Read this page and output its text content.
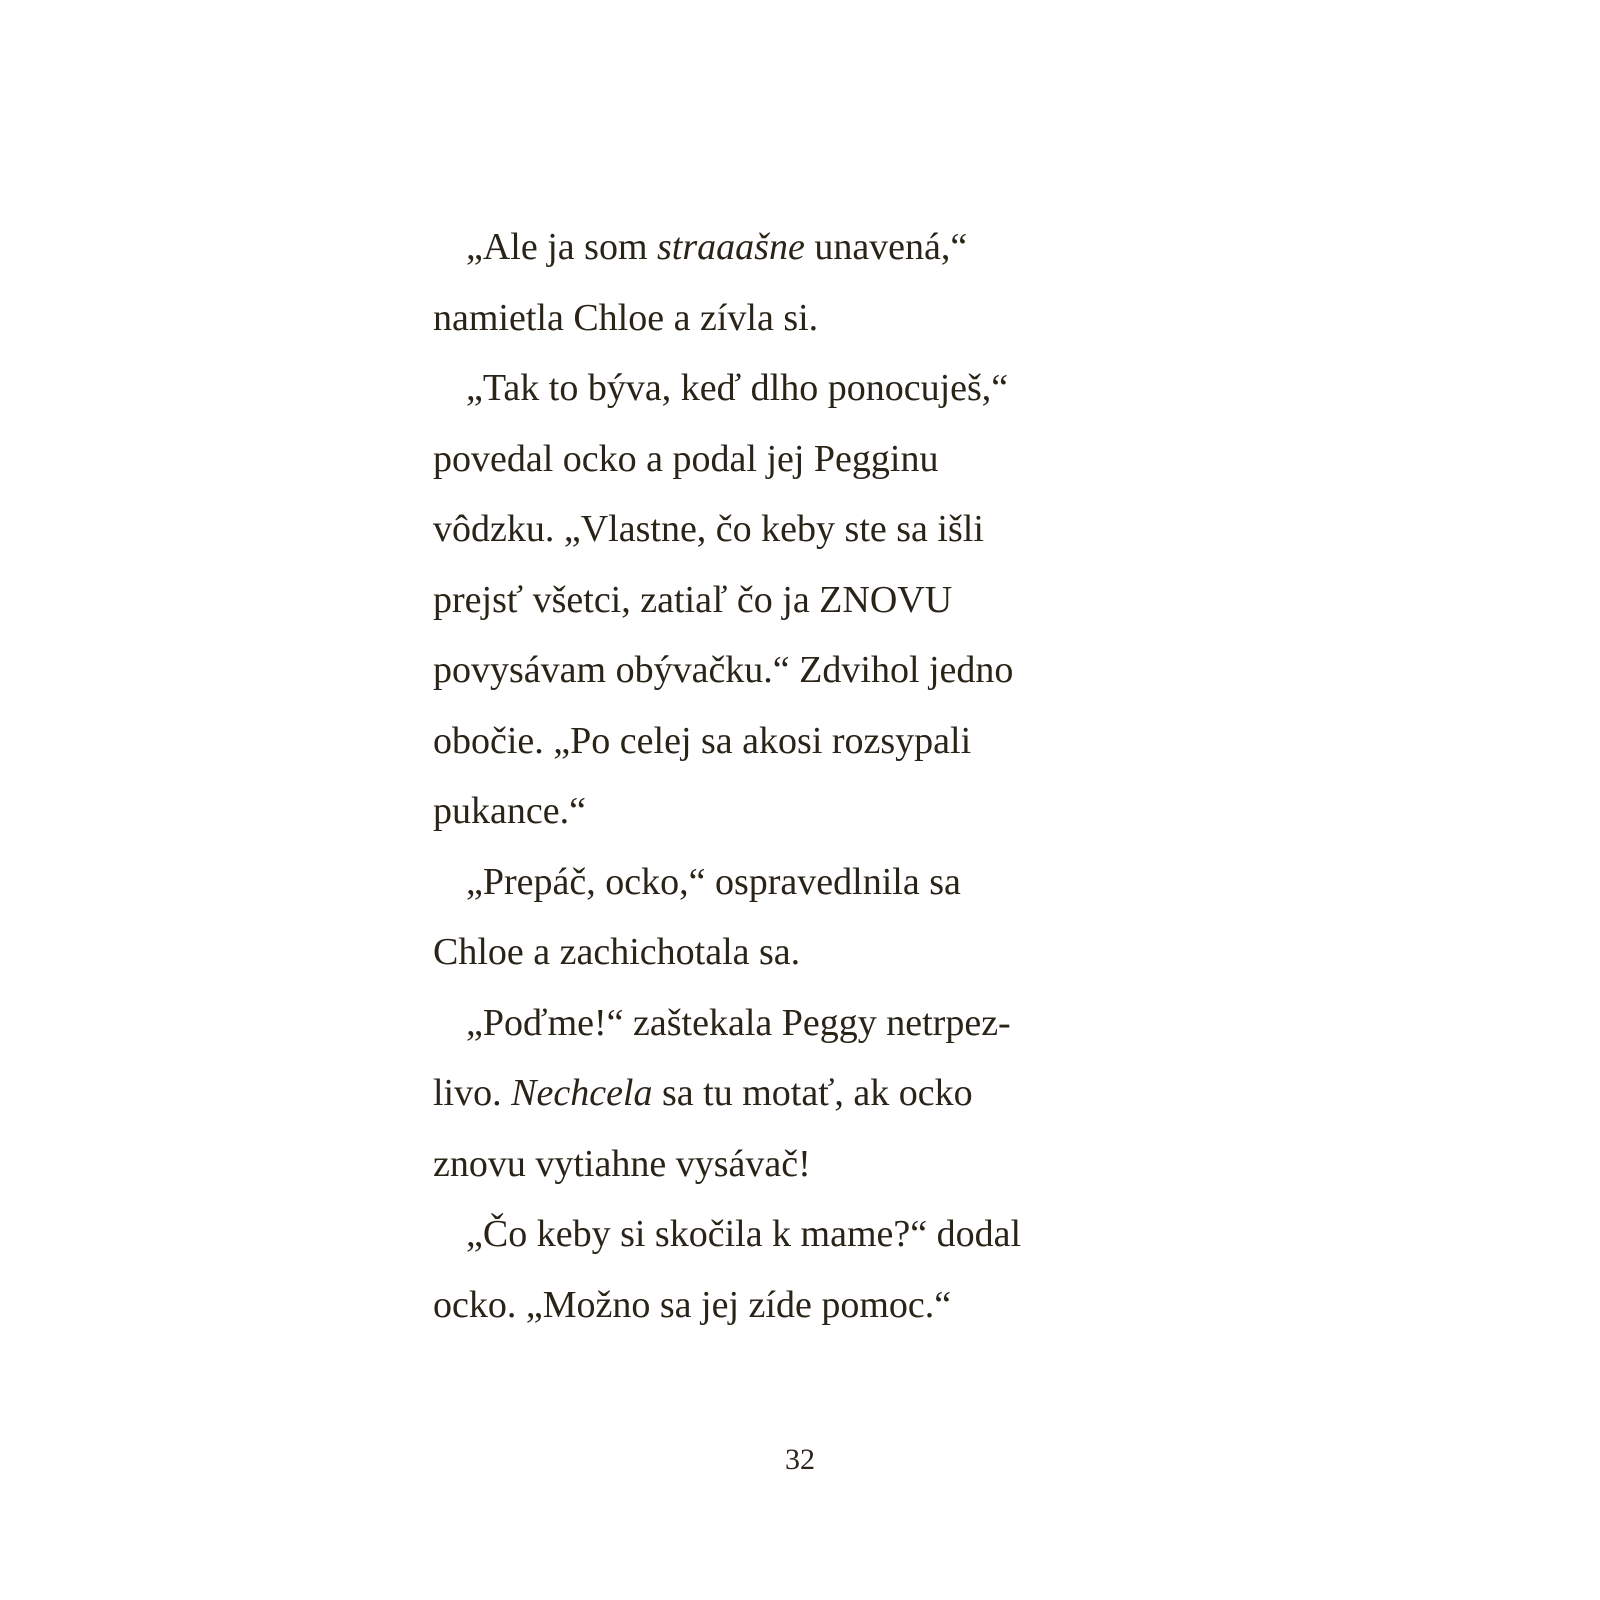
„Ale ja som straaašne unavená,“

namietla Chloe a zívla si.

„Tak to býva, keď dlho ponocuješ,“

povedal ocko a podal jej Pegginu

vôdzku. „Vlastne, čo keby ste sa išli

prejsť všetci, zatiaľ čo ja ZNOVU

povysávam obývačku.“ Zdvihol jedno

obočie. „Po celej sa akosi rozsypali

pukance.“

„Prepáč, ocko,“ ospravedlnila sa

Chloe a zachichotala sa.

„Poďme!“ zaštekala Peggy netrpez-

livo. Nechcela sa tu motať, ak ocko

znovu vytiahne vysávač!

„Čo keby si skočila k mame?“ dodal

ocko. „Možno sa jej zíde pomoc.“

32
